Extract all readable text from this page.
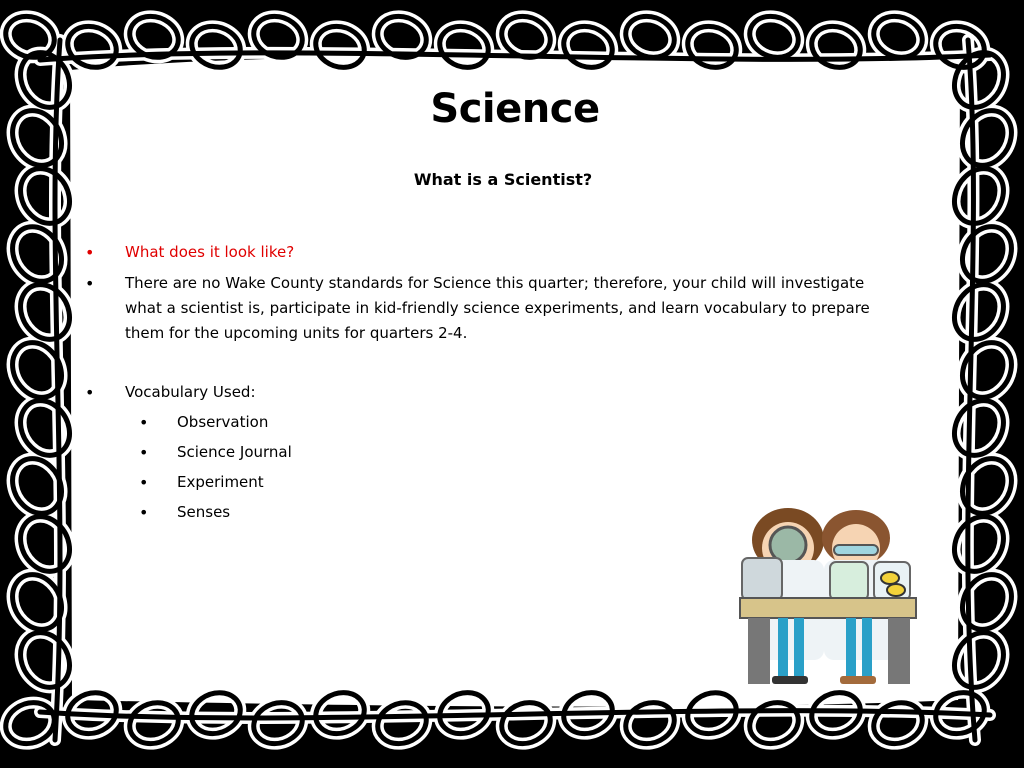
Science
What is a Scientist?
• What does it look like?
• There are no Wake County standards for Science this quarter; therefore, your child will investigate what a scientist is, participate in kid-friendly science experiments, and learn vocabulary to prepare them for the upcoming units for quarters 2-4.
• Vocabulary Used:
• Observation
• Science Journal
• Experiment
• Senses
